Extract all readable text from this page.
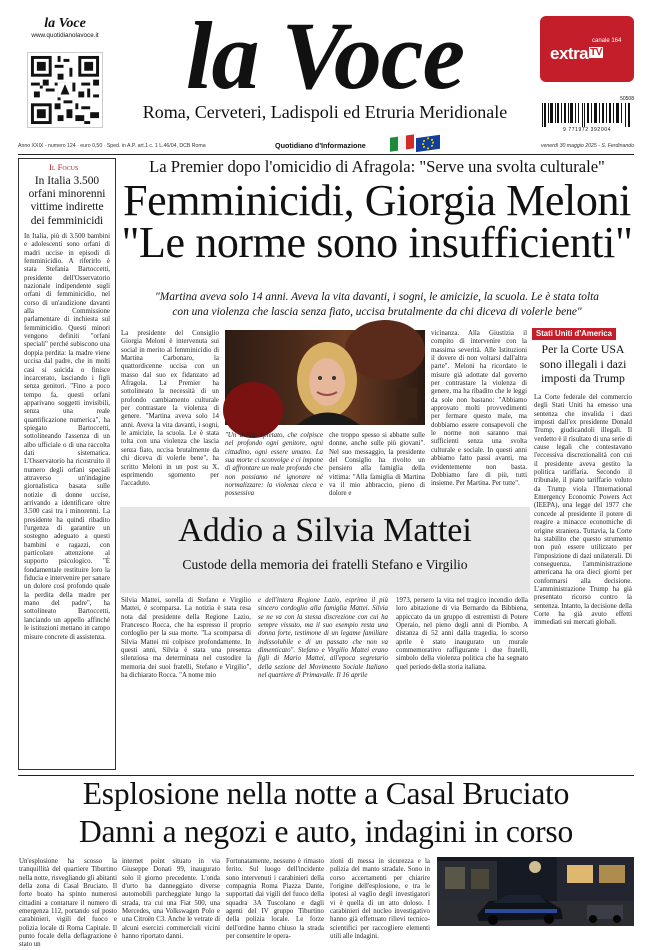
la Voce
www.quotidianolavoce.it la Voce
Roma, Cerveteri, Ladispoli ed Etruria Meridionale
canale 164
extra $^{TV}$
50508
9 771972 392004
Anno XXIX - numero 124 · euro 0,50 · Sped. in A.P. art.1 c. 1 L.46/04, DCB Roma	Quotidiano d'Informazione	venerdì 30 maggio 2025 - S. Ferdinando
Il Focus
In Italia 3.500 orfani minorenni vittime indirette dei femminicidi
In Italia, più di 3.500 bambini e adolescenti sono orfani di madri uccise in episodi di femminicidio. A riferirlo è stata Stefania Bartoccetti, presidente dell'Osservatorio nazionale indipendente sugli orfani di femminicidio, nel corso di un'audizione davanti alla Commissione parlamentare di inchiesta sul femminicidio. Questi minori vengono definiti "orfani speciali" perché subiscono una doppia perdita: la madre viene uccisa dal padre, che in molti casi si suicida o finisce incarcerato, lasciando i figli senza genitori. "Fino a poco tempo fa, questi orfani apparivano soggetti invisibili, senza una reale quantificazione numerica", ha spiegato Bartoccetti, sottolineando l'assenza di un albo ufficiale o di una raccolta dati sistematica. L'Osservatorio ha ricostruito il numero degli orfani speciali attraverso un'indagine giornalistica basata sulle notizie di donne uccise, arrivando a identificare oltre 3.500 casi tra i minorenni. La presidente ha quindi ribadito l'urgenza di garantire un sostegno adeguato a questi bambini e ragazzi, con particolare attenzione al supporto psicologico. "È fondamentale restituire loro la fiducia e intervenire per sanare un dolore così profondo quale la perdita della madre per mano del padre", ha sottolineato Bartoccetti, lanciando un appello affinché le istituzioni mettano in campo misure concrete di assistenza.
La Premier dopo l'omicidio di Afragola: "Serve una svolta culturale"
Femminicidi, Giorgia Meloni
"Le norme sono insufficienti"
"Martina aveva solo 14 anni. Aveva la vita davanti, i sogni, le amicizie, la scuola. Le è stata tolta
con una violenza che lascia senza fiato, uccisa brutalmente da chi diceva di volerle bene"
La presidente del Consiglio Giorgia Meloni è intervenuta sui social in merito al femminicidio di Martina Carbonaro, la quattordicenne uccisa con un masso dal suo ex fidanzato ad Afragola. La Premier ha sottolineato la necessità di un profondo cambiamento culturale per contrastare la violenza di genere. "Martina aveva solo 14 anni. Aveva la vita davanti, i sogni, le amicizie, la scuola. Le è stata tolta con una violenza che lascia senza fiato, uccisa brutalmente da chi diceva di volerle bene", ha scritto Meloni in un post su X, esprimendo sgomento per l'accaduto.
"Un delitto spietato, che colpisce nel profondo ogni genitore, ogni cittadino, ogni essere umano. La sua morte ci sconvolge e ci impone di affrontare un male profondo che non possiamo né ignorare né normalizzare: la violenza cieca e possessiva
che troppo spesso si abbatte sulle donne, anche sulle più giovani". Nel suo messaggio, la presidente del Consiglio ha rivolto un pensiero alla famiglia della vittima: "Alla famiglia di Martina va il mio abbraccio, pieno di dolore e
vicinanza. Alla Giustizia il compito di intervenire con la massima severità. Alle Istituzioni il dovere di non voltarsi dall'altra parte". Meloni ha ricordato le misure già adottate dal governo per contrastare la violenza di genere, ma ha ribadito che le leggi da sole non bastano: "Abbiamo approvato molti provvedimenti per fermare questo male, ma dobbiamo essere consapevoli che le norme non saranno mai sufficienti senza una svolta culturale e sociale. In questi anni abbiamo fatto passi avanti, ma evidentemente non basta. Dobbiamo fare di più, tutti insieme. Per Martina. Per tutte".
Stati Uniti d'America
Per la Corte USA sono illegali i dazi imposti da Trump
La Corte federale del commercio degli Stati Uniti ha emesso una sentenza che invalida i dazi imposti dall'ex presidente Donald Trump, giudicandoli illegali. Il verdetto è il risultato di una serie di cause legali che contestavano l'eccessiva discrezionalità con cui il presidente aveva gestito la politica tariffaria. Secondo il tribunale, il piano tariffario voluto da Trump viola l'International Emergency Economic Powers Act (IEEPA), una legge del 1977 che concede al presidente il potere di reagire a minacce economiche di origine straniera. Tuttavia, la Corte ha stabilito che questo strumento non può essere utilizzato per l'imposizione di dazi unilaterali. Di conseguenza, l'amministrazione americana ha ora dieci giorni per conformarsi alla decisione. L'amministrazione Trump ha già presentato ricorso contro la sentenza. Intanto, la decisione della Corte ha già avuto effetti immediati sui mercati globali.
Addio a Silvia Mattei
Custode della memoria dei fratelli Stefano e Virgilio
Silvia Mattei, sorella di Stefano e Virgilio Mattei, è scomparsa. La notizia è stata resa nota dal presidente della Regione Lazio, Francesco Rocca, che ha espresso il proprio cordoglio per la sua morte. "La scomparsa di Silvia Mattei mi colpisce profondamente. In questi anni, Silvia è stata una presenza silenziosa ma determinata nel custodire la memoria dei suoi fratelli, Stefano e Virgilio", ha dichiarato Rocca. "A nome mio
e dell'intera Regione Lazio, esprimo il più sincero cordoglio alla famiglia Mattei. Silvia se ne va con la stessa discrezione con cui ha sempre vissuto, ma il suo esempio resta una donna forte, testimone di un legame familiare indissolubile e di un passato che non va dimenticato". Stefano e Virgilio Mattei erano figli di Mario Mattei, all'epoca segretario della sezione del Movimento Sociale Italiano nel quartiere di Primavalle. Il 16 aprile
1973, persero la vita nel tragico incendio della loro abitazione di via Bernardo da Bibbiena, appiccato da un gruppo di estremisti di Potere Operaio, nel pieno degli anni di Piombo. A distanza di 52 anni dalla tragedia, lo scorso aprile è stato inaugurato un murale commemorativo raffigurante i due fratelli, simbolo della violenza politica che ha segnato quel periodo della storia italiana.
Esplosione nella notte a Casal Bruciato
Danni a negozi e auto, indagini in corso
Un'esplosione ha scosso la tranquillità del quartiere Tiburtino nella notte, risvegliando gli abitanti della zona di Casal Bruciato. Il forte boato ha spinto numerosi cittadini a contattare il numero di emergenza 112, portando sul posto carabinieri, vigili del fuoco e polizia locale di Roma Capitale. Il punto focale della deflagrazione è stato un
internet point situato in via Giuseppe Donati 99, inaugurato solo il giorno precedente. L'onda d'urto ha danneggiato diverse automobili parcheggiate lungo la strada, tra cui una Fiat 500, una Mercedes, una Volkswagen Polo e una Citroën C3. Anche le vetrate di alcuni esercizi commerciali vicini hanno riportato danni.
Fortunatamente, nessuno è rimasto ferito. Sul luogo dell'incidente sono intervenuti i carabinieri della compagnia Roma Piazza Dante, supportati dai vigili del fuoco della squadra 3A Tuscolano e dagli agenti del IV gruppo Tiburtino della polizia locale. Le forze dell'ordine hanno chiuso la strada per consentire le opera-
zioni di messa in sicurezza e la pulizia del manto stradale. Sono in corso accertamenti per chiarire l'origine dell'esplosione, e tra le ipotesi al vaglio degli investigatori vi è quella di un atto doloso. I carabinieri del nucleo investigativo hanno già effettuato rilievi tecnico-scientifici per raccogliere elementi utili alle indagini.
